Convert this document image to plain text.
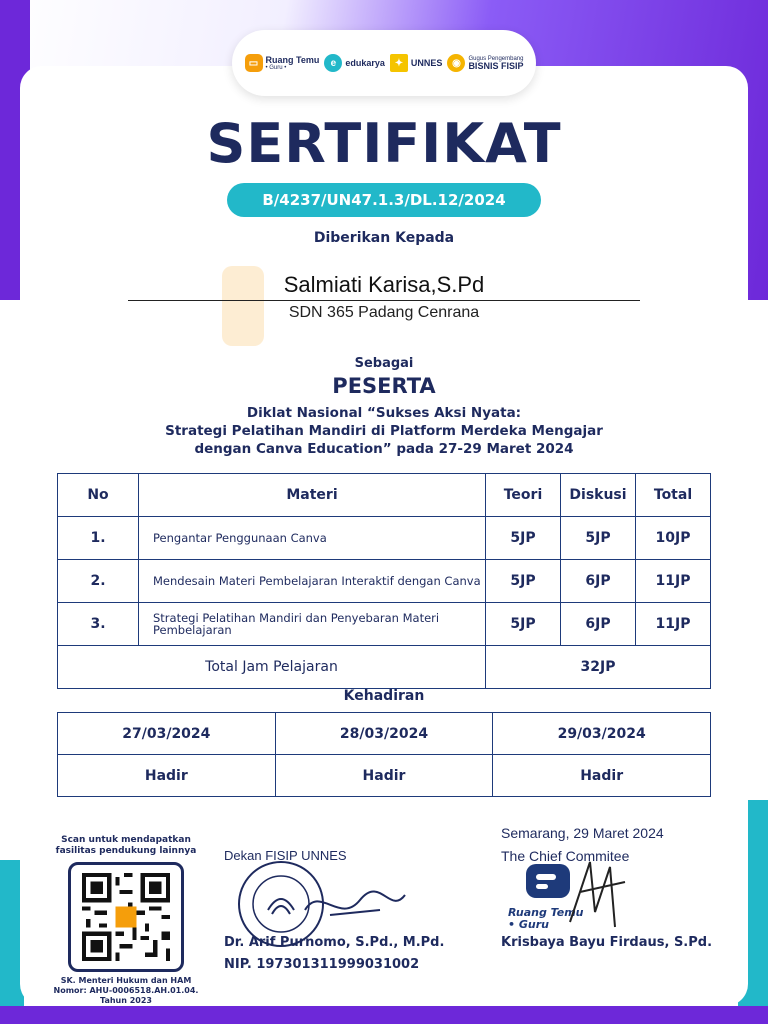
▭ Ruang Temu
• Guru •	e	edukarya ✦ UNNES ◉	Gugus Pengembang
BISNIS FISIP
SERTIFIKAT
B/4237/UN47.1.3/DL.12/2024
Diberikan Kepada
Salmiati Karisa,S.Pd
SDN 365 Padang Cenrana
Sebagai
PESERTA
Diklat Nasional “Sukses Aksi Nyata:
Strategi Pelatihan Mandiri di Platform Merdeka Mengajar
dengan Canva Education” pada 27-29 Maret 2024
No	Materi	Teori	Diskusi	Total
1.	Pengantar Penggunaan Canva	5JP	5JP	10JP
2.	Mendesain Materi Pembelajaran Interaktif dengan Canva	5JP	6JP	11JP
3.	Strategi Pelatihan Mandiri dan Penyebaran Materi Pembelajaran	5JP	6JP	11JP
Total Jam Pelajaran		32JP		
Kehadiran
27/03/2024	28/03/2024	29/03/2024
Hadir	Hadir	Hadir
Scan untuk mendapatkan fasilitas pendukung lainnya
SK. Menteri Hukum dan HAM
Nomor: AHU-0006518.AH.01.04.
Tahun 2023
Dekan FISIP UNNES
Dr. Arif Purnomo, S.Pd., M.Pd.
NIP. 197301311999031002
Semarang, 29 Maret 2024
The Chief Commitee
Ruang Temu
• Guru
Krisbaya Bayu Firdaus, S.Pd.
